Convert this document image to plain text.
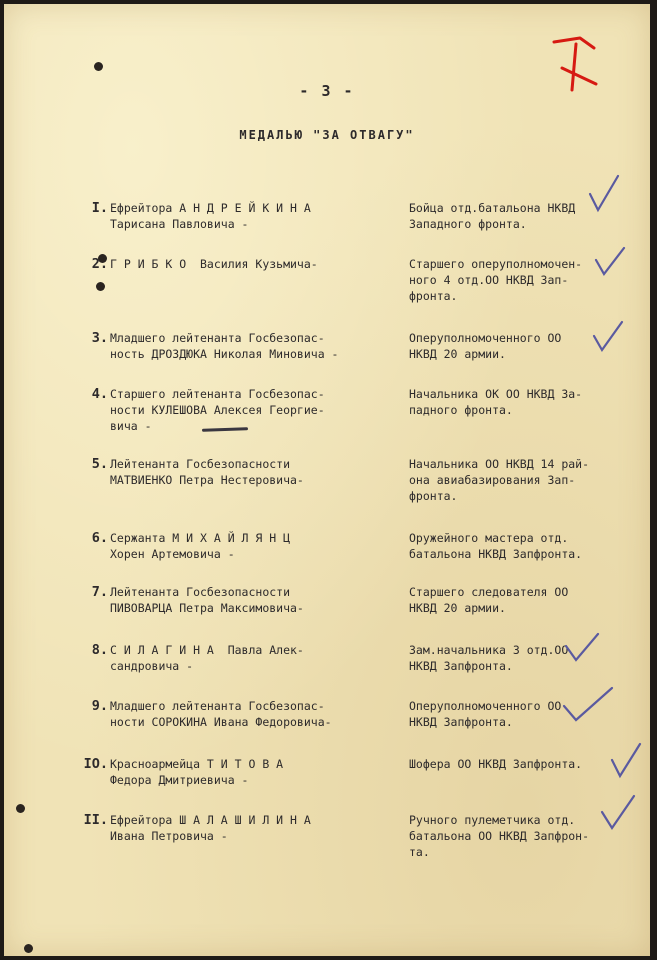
- 3 -
МЕДАЛЬЮ "ЗА ОТВАГУ"
I. Ефрейтора А Н Д Р Е Й К И Н А
Тарисана Павловича -
Бойца отд.батальона НКВД
Западного фронта.
2. Г Р И Б К О  Василия Кузьмича-	Старшего оперуполномочен-
ного 4 отд.ОО НКВД Зап-
фронта.
3. Младшего лейтенанта Госбезопас-
ность ДРОЗДЮКА Николая Миновича -
Оперуполномоченного ОО
НКВД 20 армии.
4. Старшего лейтенанта Госбезопас-
ности КУЛЕШОВА Алексея Георгие-
вича -
Начальника ОК ОО НКВД За-
падного фронта.
5. Лейтенанта Госбезопасности
МАТВИЕНКО Петра Нестеровича-
Начальника ОО НКВД 14 рай-
она авиабазирования Зап-
фронта.
6. Сержанта М И Х А Й Л Я Н Ц
Хорен Артемовича -
Оружейного мастера отд.
батальона НКВД Запфронта.
7. Лейтенанта Госбезопасности
ПИВОВАРЦА Петра Максимовича-
Старшего следователя ОО
НКВД 20 армии.
8. С И Л А Г И Н А  Павла Алек-
сандровича -
Зам.начальника 3 отд.ОО
НКВД Запфронта.
9. Младшего лейтенанта Госбезопас-
ности СОРОКИНА Ивана Федоровича-
Оперуполномоченного ОО
НКВД Запфронта.
IO. Красноармейца Т И Т О В А
Федора Дмитриевича -
Шофера ОО НКВД Запфронта.
II. Ефрейтора Ш А Л А Ш И Л И Н А
Ивана Петровича -
Ручного пулеметчика отд.
батальона ОО НКВД Запфрон-
та.
